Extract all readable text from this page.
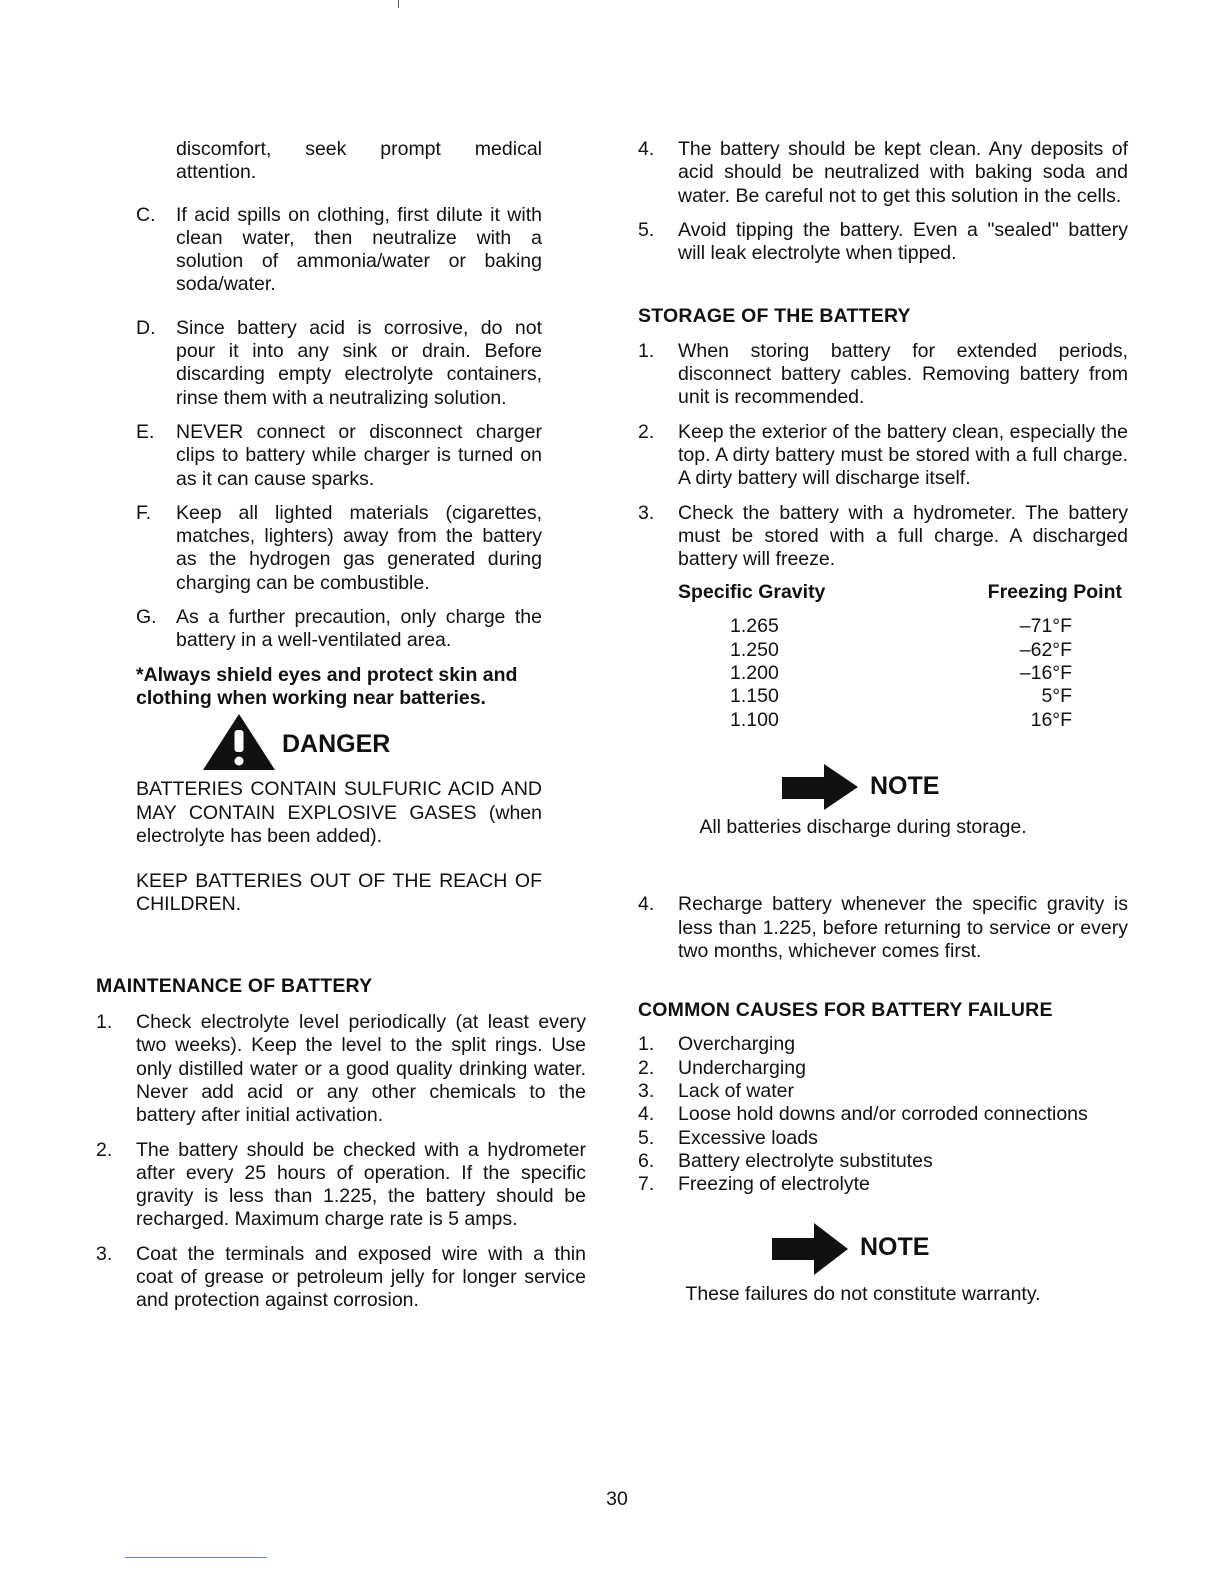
discomfort, seek prompt medical attention.

C. If acid spills on clothing, first dilute it with clean water, then neutralize with a solution of ammonia/water or baking soda/water.
D. Since battery acid is corrosive, do not pour it into any sink or drain. Before discarding empty electrolyte containers, rinse them with a neutralizing solution.
E. NEVER connect or disconnect charger clips to battery while charger is turned on as it can cause sparks.
F. Keep all lighted materials (cigarettes, matches, lighters) away from the battery as the hydrogen gas generated during charging can be combustible.
G. As a further precaution, only charge the battery in a well-ventilated area.

*Always shield eyes and protect skin and clothing when working near batteries.

DANGER

BATTERIES CONTAIN SULFURIC ACID AND MAY CONTAIN EXPLOSIVE GASES (when electrolyte has been added).

KEEP BATTERIES OUT OF THE REACH OF CHILDREN.

MAINTENANCE OF BATTERY

1. Check electrolyte level periodically (at least every two weeks). Keep the level to the split rings. Use only distilled water or a good quality drinking water. Never add acid or any other chemicals to the battery after initial activation.
2. The battery should be checked with a hydrometer after every 25 hours of operation. If the specific gravity is less than 1.225, the battery should be recharged. Maximum charge rate is 5 amps.
3. Coat the terminals and exposed wire with a thin coat of grease or petroleum jelly for longer service and protection against corrosion.
4. The battery should be kept clean. Any deposits of acid should be neutralized with baking soda and water. Be careful not to get this solution in the cells.
5. Avoid tipping the battery. Even a "sealed" battery will leak electrolyte when tipped.

STORAGE OF THE BATTERY

1. When storing battery for extended periods, disconnect battery cables. Removing battery from unit is recommended.
2. Keep the exterior of the battery clean, especially the top. A dirty battery must be stored with a full charge. A dirty battery will discharge itself.
3. Check the battery with a hydrometer. The battery must be stored with a full charge. A discharged battery will freeze.
Specific Gravity	Freezing Point
1.265	–71°F
1.250	–62°F
1.200	–16°F
1.150	5°F
1.100	16°F
NOTE

All batteries discharge during storage.

4. Recharge battery whenever the specific gravity is less than 1.225, before returning to service or every two months, whichever comes first.

COMMON CAUSES FOR BATTERY FAILURE

1. Overcharging
2. Undercharging
3. Lack of water
4. Loose hold downs and/or corroded connections
5. Excessive loads
6. Battery electrolyte substitutes
7. Freezing of electrolyte
NOTE

These failures do not constitute warranty.

30
